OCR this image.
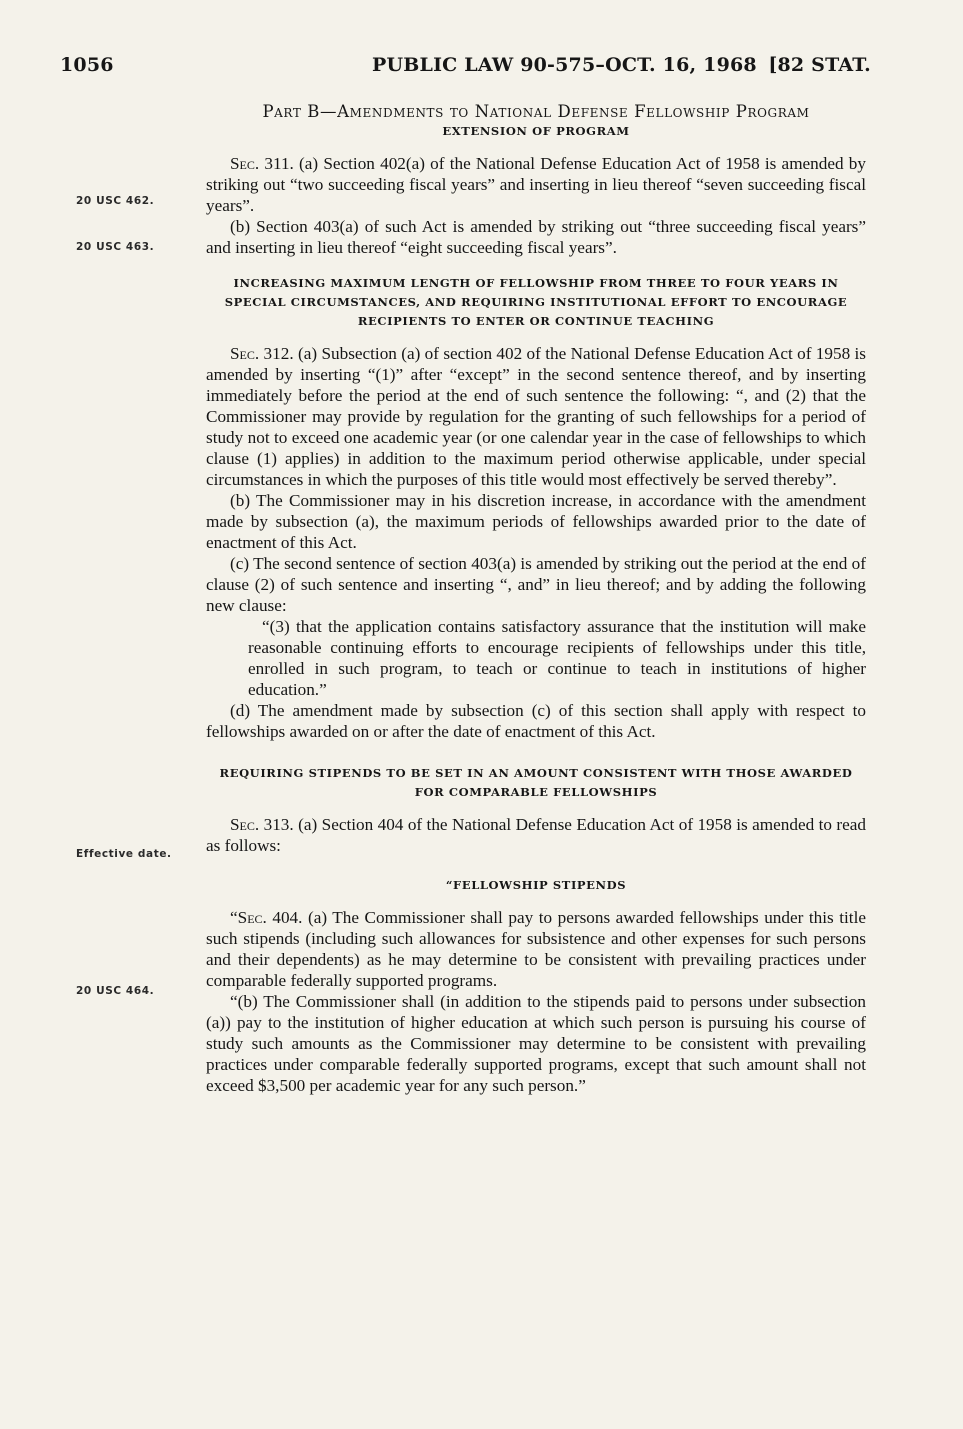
1056	PUBLIC LAW 90-575–OCT. 16, 1968 [82 STAT.
20 USC 462.
20 USC 463.
Effective date.
20 USC 464.

Part B—Amendments to National Defense Fellowship Program

EXTENSION OF PROGRAM

Sec. 311. (a) Section 402(a) of the National Defense Education Act of 1958 is amended by striking out “two succeeding fiscal years” and inserting in lieu thereof “seven succeeding fiscal years”.

(b) Section 403(a) of such Act is amended by striking out “three succeeding fiscal years” and inserting in lieu thereof “eight succeeding fiscal years”.

INCREASING MAXIMUM LENGTH OF FELLOWSHIP FROM THREE TO FOUR YEARS IN SPECIAL CIRCUMSTANCES, AND REQUIRING INSTITUTIONAL EFFORT TO ENCOURAGE RECIPIENTS TO ENTER OR CONTINUE TEACHING

Sec. 312. (a) Subsection (a) of section 402 of the National Defense Education Act of 1958 is amended by inserting “(1)” after “except” in the second sentence thereof, and by inserting immediately before the period at the end of such sentence the following: “, and (2) that the Commissioner may provide by regulation for the granting of such fellowships for a period of study not to exceed one academic year (or one calendar year in the case of fellowships to which clause (1) applies) in addition to the maximum period otherwise applicable, under special circumstances in which the purposes of this title would most effectively be served thereby”.

(b) The Commissioner may in his discretion increase, in accordance with the amendment made by subsection (a), the maximum periods of fellowships awarded prior to the date of enactment of this Act.

(c) The second sentence of section 403(a) is amended by striking out the period at the end of clause (2) of such sentence and inserting “, and” in lieu thereof; and by adding the following new clause:

“(3) that the application contains satisfactory assurance that the institution will make reasonable continuing efforts to encourage recipients of fellowships under this title, enrolled in such program, to teach or continue to teach in institutions of higher education.”

(d) The amendment made by subsection (c) of this section shall apply with respect to fellowships awarded on or after the date of enactment of this Act.

REQUIRING STIPENDS TO BE SET IN AN AMOUNT CONSISTENT WITH THOSE AWARDED FOR COMPARABLE FELLOWSHIPS

Sec. 313. (a) Section 404 of the National Defense Education Act of 1958 is amended to read as follows:

“FELLOWSHIP STIPENDS

“Sec. 404. (a) The Commissioner shall pay to persons awarded fellowships under this title such stipends (including such allowances for subsistence and other expenses for such persons and their dependents) as he may determine to be consistent with prevailing practices under comparable federally supported programs.

“(b) The Commissioner shall (in addition to the stipends paid to persons under subsection (a)) pay to the institution of higher education at which such person is pursuing his course of study such amounts as the Commissioner may determine to be consistent with prevailing practices under comparable federally supported programs, except that such amount shall not exceed $3,500 per academic year for any such person.”
